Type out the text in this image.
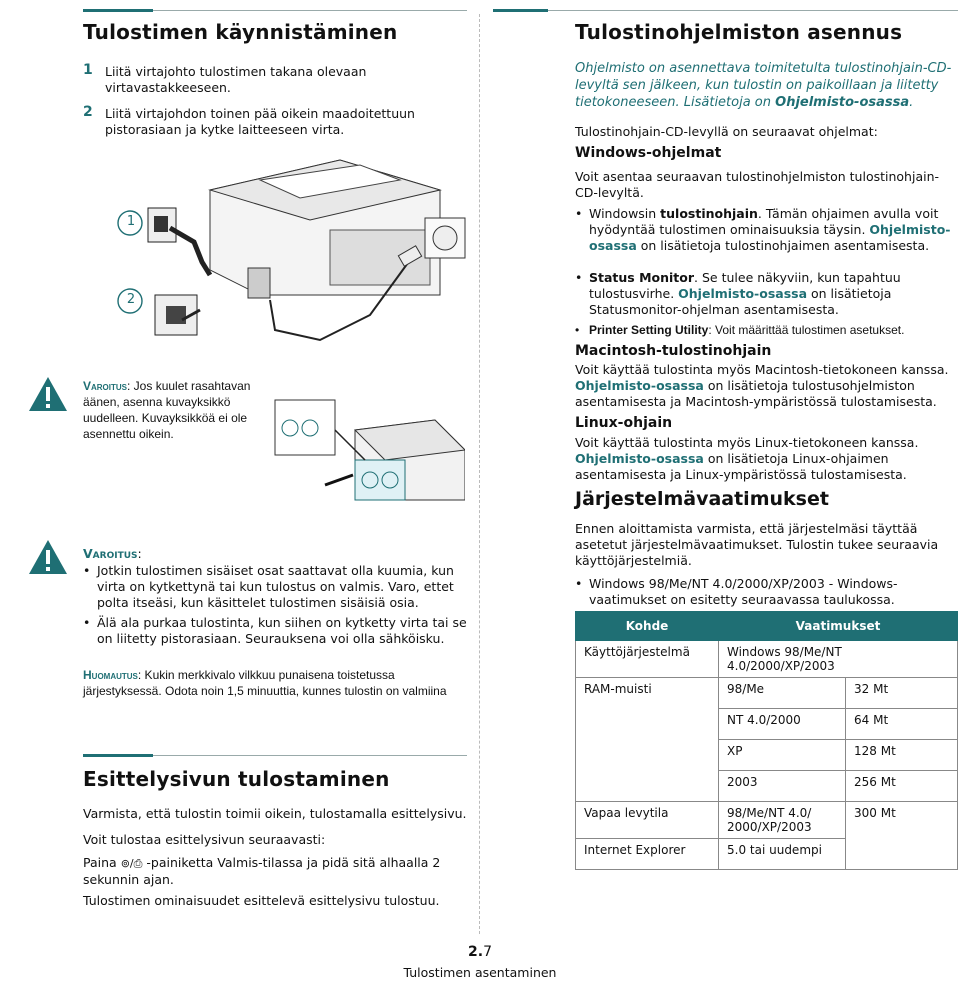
Tulostimen käynnistäminen
1 Liitä virtajohto tulostimen takana olevaan virtavastakkeeseen.
2 Liitä virtajohdon toinen pää oikein maadoitettuun pistorasiaan ja kytke laitteeseen virta.
1
2
Varoitus: Jos kuulet rasahtavan äänen, asenna kuvayksikkö uudelleen. Kuvayksikköä ei ole asennettu oikein.
Varoitus:
• Jotkin tulostimen sisäiset osat saattavat olla kuumia, kun virta on kytkettynä tai kun tulostus on valmis. Varo, ettet polta itseäsi, kun käsittelet tulostimen sisäisiä osia.
• Älä ala purkaa tulostinta, kun siihen on kytketty virta tai se on liitetty pistorasiaan. Seurauksena voi olla sähköisku.
Huomautus: Kukin merkkivalo vilkkuu punaisena toistetussa järjestyksessä. Odota noin 1,5 minuuttia, kunnes tulostin on valmiina
Esittelysivun tulostaminen
Varmista, että tulostin toimii oikein, tulostamalla esittelysivu.
Voit tulostaa esittelysivun seuraavasti:
Paina ⊚/⎙ -painiketta Valmis-tilassa ja pidä sitä alhaalla 2 sekunnin ajan.
Tulostimen ominaisuudet esittelevä esittelysivu tulostuu.
Tulostinohjelmiston asennus
Ohjelmisto on asennettava toimitetulta tulostinohjain-CD-levyltä sen jälkeen, kun tulostin on paikoillaan ja liitetty tietokoneeseen. Lisätietoja on Ohjelmisto-osassa.
Tulostinohjain-CD-levyllä on seuraavat ohjelmat:
Windows-ohjelmat
Voit asentaa seuraavan tulostinohjelmiston tulostinohjain-CD-levyltä.
• Windowsin tulostinohjain. Tämän ohjaimen avulla voit hyödyntää tulostimen ominaisuuksia täysin. Ohjelmisto-osassa on lisätietoja tulostinohjaimen asentamisesta.
• Status Monitor. Se tulee näkyviin, kun tapahtuu tulostusvirhe. Ohjelmisto-osassa on lisätietoja Statusmonitor-ohjelman asentamisesta.
• Printer Setting Utility: Voit määrittää tulostimen asetukset.
Macintosh-tulostinohjain
Voit käyttää tulostinta myös Macintosh-tietokoneen kanssa. Ohjelmisto-osassa on lisätietoja tulostusohjelmiston asentamisesta ja Macintosh-ympäristössä tulostamisesta.
Linux-ohjain
Voit käyttää tulostinta myös Linux-tietokoneen kanssa. Ohjelmisto-osassa on lisätietoja Linux-ohjaimen asentamisesta ja Linux-ympäristössä tulostamisesta.
Järjestelmävaatimukset
Ennen aloittamista varmista, että järjestelmäsi täyttää asetetut järjestelmävaatimukset. Tulostin tukee seuraavia käyttöjärjestelmiä.
• Windows 98/Me/NT 4.0/2000/XP/2003 - Windows-vaatimukset on esitetty seuraavassa taulukossa.
Kohde	Vaatimukset	
Käyttöjärjestelmä	Windows 98/Me/NT 4.0/2000/XP/2003	
RAM-muisti	98/Me	32 Mt
	NT 4.0/2000	64 Mt
	XP	128 Mt
	2003	256 Mt
Vapaa levytila	98/Me/NT 4.0/ 2000/XP/2003	300 Mt
Internet Explorer	5.0 tai uudempi	
2.7
Tulostimen asentaminen
